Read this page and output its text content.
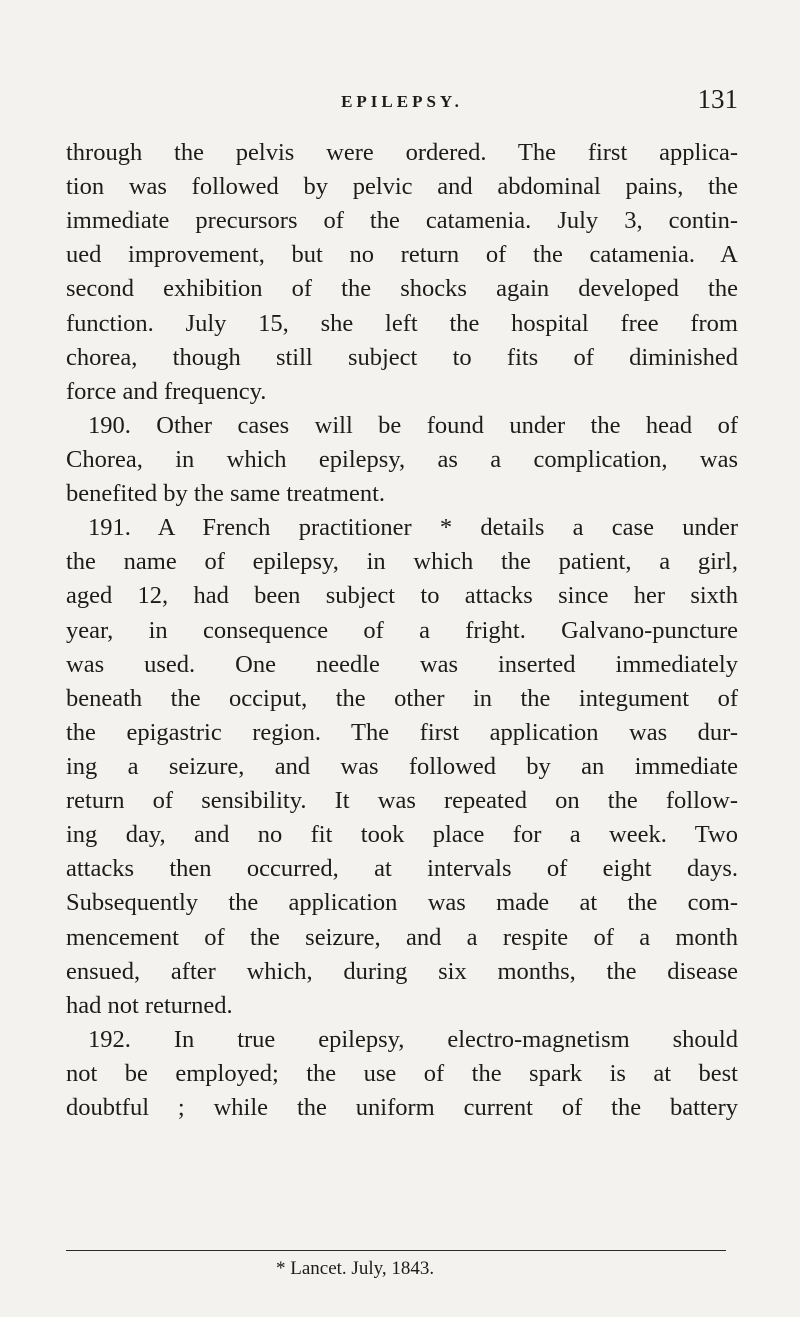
EPILEPSY.	131
through the pelvis were ordered. The first applica-
tion was followed by pelvic and abdominal pains, the
immediate precursors of the catamenia. July 3, contin-
ued improvement, but no return of the catamenia. A
second exhibition of the shocks again developed the
function. July 15, she left the hospital free from
chorea, though still subject to fits of diminished
force and frequency.
190. Other cases will be found under the head of
Chorea, in which epilepsy, as a complication, was
benefited by the same treatment.
191. A French practitioner * details a case under
the name of epilepsy, in which the patient, a girl,
aged 12, had been subject to attacks since her sixth
year, in consequence of a fright. Galvano-puncture
was used. One needle was inserted immediately
beneath the occiput, the other in the integument of
the epigastric region. The first application was dur-
ing a seizure, and was followed by an immediate
return of sensibility. It was repeated on the follow-
ing day, and no fit took place for a week. Two
attacks then occurred, at intervals of eight days.
Subsequently the application was made at the com-
mencement of the seizure, and a respite of a month
ensued, after which, during six months, the disease
had not returned.
192. In true epilepsy, electro-magnetism should
not be employed; the use of the spark is at best
doubtful ; while the uniform current of the battery
* Lancet. July, 1843.
